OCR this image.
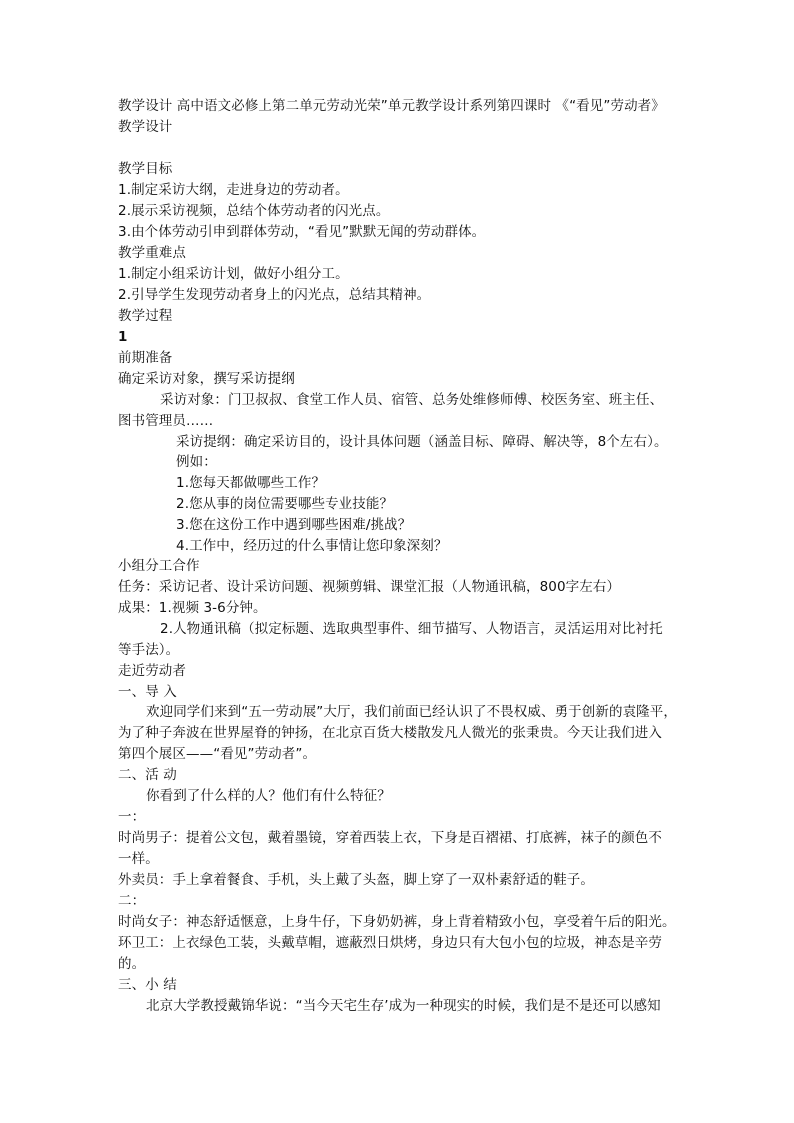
教学设计 高中语文必修上第二单元劳动光荣”单元教学设计系列第四课时 《“看见”劳动者》
教学设计
教学目标
1.制定采访大纲，走进身边的劳动者。
2.展示采访视频，总结个体劳动者的闪光点。
3.由个体劳动引申到群体劳动，“看见”默默无闻的劳动群体。
教学重难点
1.制定小组采访计划，做好小组分工。
2.引导学生发现劳动者身上的闪光点，总结其精神。
教学过程
1
前期准备
确定采访对象，撰写采访提纲
采访对象：门卫叔叔、食堂工作人员、宿管、总务处维修师傅、校医务室、班主任、
图书管理员……
采访提纲：确定采访目的，设计具体问题（涵盖目标、障碍、解决等，8个左右）。
例如：
1.您每天都做哪些工作？
2.您从事的岗位需要哪些专业技能？
3.您在这份工作中遇到哪些困难/挑战？
4.工作中，经历过的什么事情让您印象深刻？
小组分工合作
任务：采访记者、设计采访问题、视频剪辑、课堂汇报（人物通讯稿，800字左右）
成果：1.视频 3-6分钟。
2.人物通讯稿（拟定标题、选取典型事件、细节描写、人物语言，灵活运用对比衬托
等手法）。
走近劳动者
一、导 入
欢迎同学们来到“五一劳动展”大厅，我们前面已经认识了不畏权威、勇于创新的袁隆平，
为了种子奔波在世界屋脊的钟扬，在北京百货大楼散发凡人微光的张秉贵。今天让我们进入
第四个展区——“看见”劳动者”。
二、活 动
你看到了什么样的人？他们有什么特征？
一：
时尚男子：提着公文包，戴着墨镜，穿着西装上衣，下身是百褶裙、打底裤，袜子的颜色不
一样。
外卖员：手上拿着餐食、手机，头上戴了头盔，脚上穿了一双朴素舒适的鞋子。
二：
时尚女子：神态舒适惬意，上身牛仔，下身奶奶裤，身上背着精致小包，享受着午后的阳光。
环卫工：上衣绿色工装，头戴草帽，遮蔽烈日烘烤，身边只有大包小包的垃圾，神态是辛劳
的。
三、小 结
北京大学教授戴锦华说：“当今天宅生存’成为一种现实的时候，我们是不是还可以感知
